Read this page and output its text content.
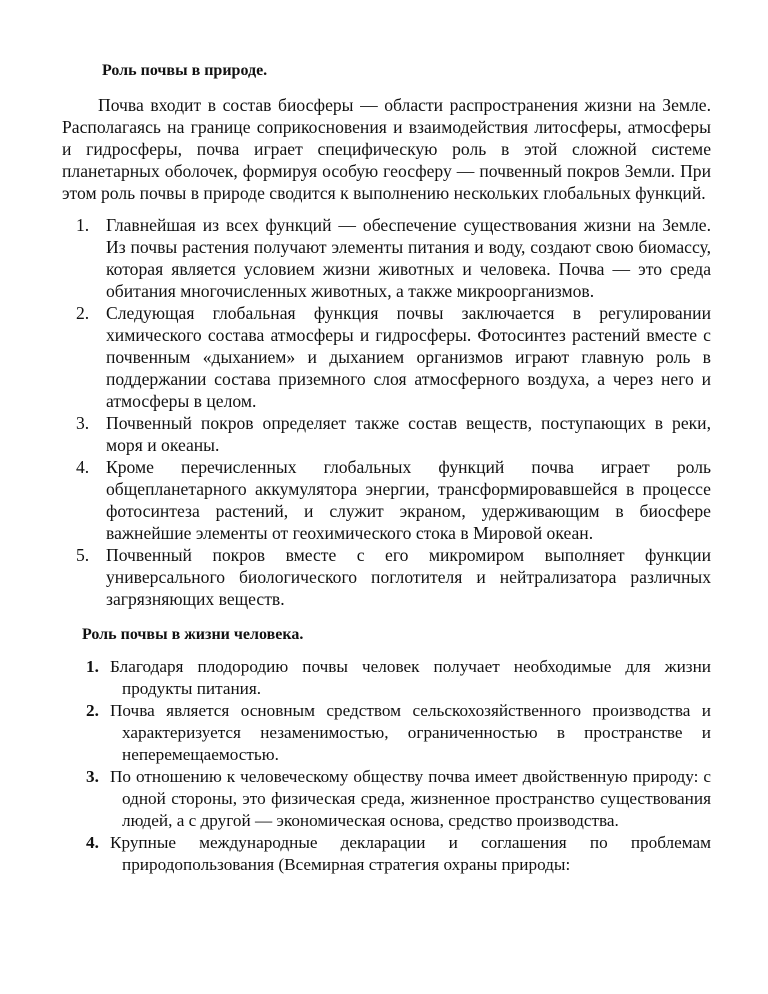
Роль почвы в природе.

Почва входит в состав биосферы — области распространения жизни на Земле. Располагаясь на границе соприкосновения и взаимодействия литосферы, атмосферы и гидросферы, почва играет специфическую роль в этой сложной системе планетарных оболочек, формируя особую геосферу — почвенный покров Земли. При этом роль почвы в природе сводится к выполнению нескольких глобальных функций.

1. Главнейшая из всех функций — обеспечение существования жизни на Земле. Из почвы растения получают элементы питания и воду, создают свою биомассу, которая является условием жизни животных и человека. Почва — это среда обитания многочисленных животных, а также микроорганизмов.
2. Следующая глобальная функция почвы заключается в регулировании химического состава атмосферы и гидросферы. Фотосинтез растений вместе с почвенным «дыханием» и дыханием организмов играют главную роль в поддержании состава приземного слоя атмосферного воздуха, а через него и атмосферы в целом.
3. Почвенный покров определяет также состав веществ, поступающих в реки, моря и океаны.
4. Кроме перечисленных глобальных функций почва играет роль общепланетарного аккумулятора энергии, трансформировавшейся в процессе фотосинтеза растений, и служит экраном, удерживающим в биосфере важнейшие элементы от геохимического стока в Мировой океан.
5. Почвенный покров вместе с его микромиром выполняет функции универсального биологического поглотителя и нейтрализатора различных загрязняющих веществ.
Роль почвы в жизни человека.
1. Благодаря плодородию почвы человек получает необходимые для жизни продукты питания.
2. Почва является основным средством сельскохозяйственного производства и характеризуется незаменимостью, ограниченностью в пространстве и неперемещаемостью.
3. По отношению к человеческому обществу почва имеет двойственную природу: с одной стороны, это физическая среда, жизненное пространство существования людей, а с другой — экономическая основа, средство производства.
4. Крупные международные декларации и соглашения по проблемам природопользования (Всемирная стратегия охраны природы:
